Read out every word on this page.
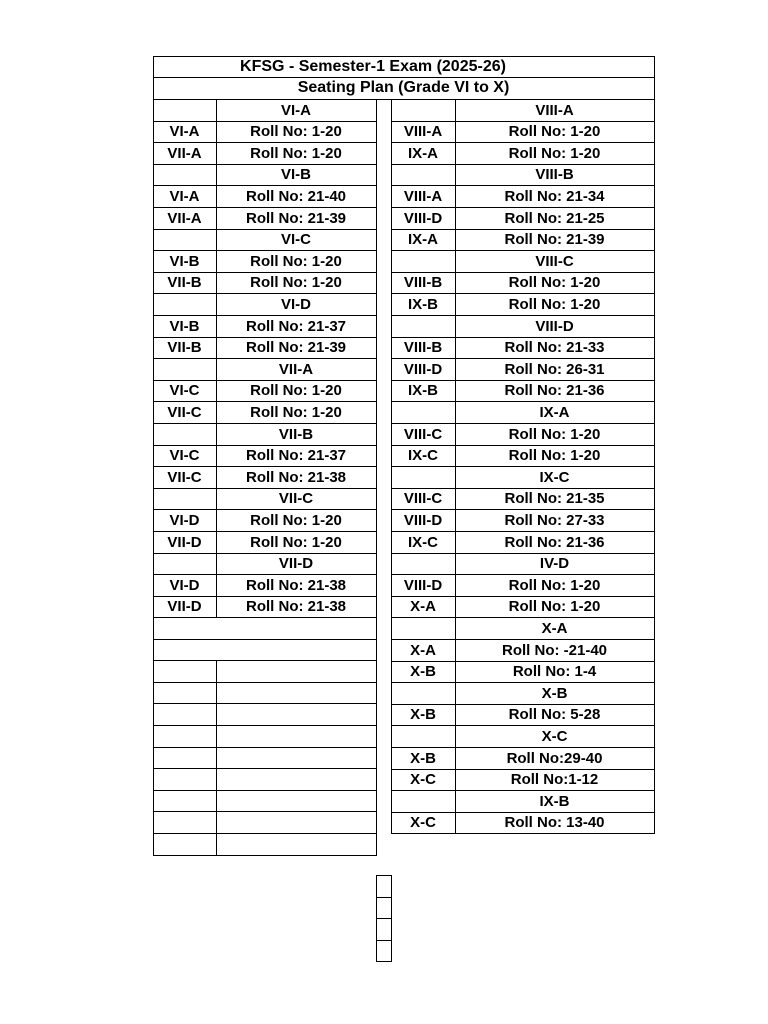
KFSG - Semester-1 Exam (2025-26)
Seating Plan (Grade VI to X)
VI-A
VI-A	Roll No: 1-20
VII-A	Roll No: 1-20
VI-B
VI-A	Roll No: 21-40
VII-A	Roll No: 21-39
VI-C
VI-B	Roll No: 1-20
VII-B	Roll No: 1-20
VI-D
VI-B	Roll No: 21-37
VII-B	Roll No: 21-39
VII-A
VI-C	Roll No: 1-20
VII-C	Roll No: 1-20
VII-B
VI-C	Roll No: 21-37
VII-C	Roll No: 21-38
VII-C
VI-D	Roll No: 1-20
VII-D	Roll No: 1-20
VII-D
VI-D	Roll No: 21-38
VII-D	Roll No: 21-38
VIII-A
VIII-A	Roll No: 1-20
IX-A	Roll No: 1-20
VIII-B
VIII-A	Roll No: 21-34
VIII-D	Roll No: 21-25
IX-A	Roll No: 21-39
VIII-C
VIII-B	Roll No: 1-20
IX-B	Roll No: 1-20
VIII-D
VIII-B	Roll No: 21-33
VIII-D	Roll No: 26-31
IX-B	Roll No: 21-36
IX-A
VIII-C	Roll No: 1-20
IX-C	Roll No: 1-20
IX-C
VIII-C	Roll No: 21-35
VIII-D	Roll No: 27-33
IX-C	Roll No: 21-36
IV-D
VIII-D	Roll No: 1-20
X-A	Roll No: 1-20
X-A
X-A	Roll No: -21-40
X-B	Roll No: 1-4
X-B
X-B	Roll No: 5-28
X-C
X-B	Roll No:29-40
X-C	Roll No:1-12
IX-B
X-C	Roll No: 13-40
